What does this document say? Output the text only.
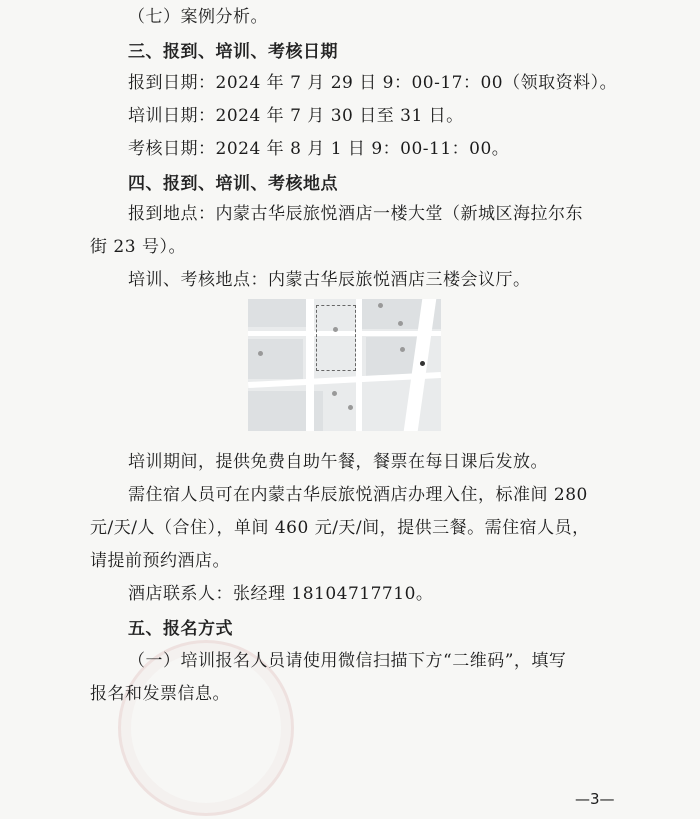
（七）案例分析。
三、报到、培训、考核日期
报到日期：2024 年 7 月 29 日 9：00-17：00（领取资料）。
培训日期：2024 年 7 月 30 日至 31 日。
考核日期：2024 年 8 月 1 日 9：00-11：00。
四、报到、培训、考核地点
报到地点：内蒙古华辰旅悦酒店一楼大堂（新城区海拉尔东
街 23 号）。
培训、考核地点：内蒙古华辰旅悦酒店三楼会议厅。
培训期间，提供免费自助午餐，餐票在每日课后发放。
需住宿人员可在内蒙古华辰旅悦酒店办理入住，标准间 280
元/天/人（合住），单间 460 元/天/间，提供三餐。需住宿人员，
请提前预约酒店。
酒店联系人：张经理 18104717710。
五、报名方式
（一）培训报名人员请使用微信扫描下方“二维码”，填写
报名和发票信息。
—3—
